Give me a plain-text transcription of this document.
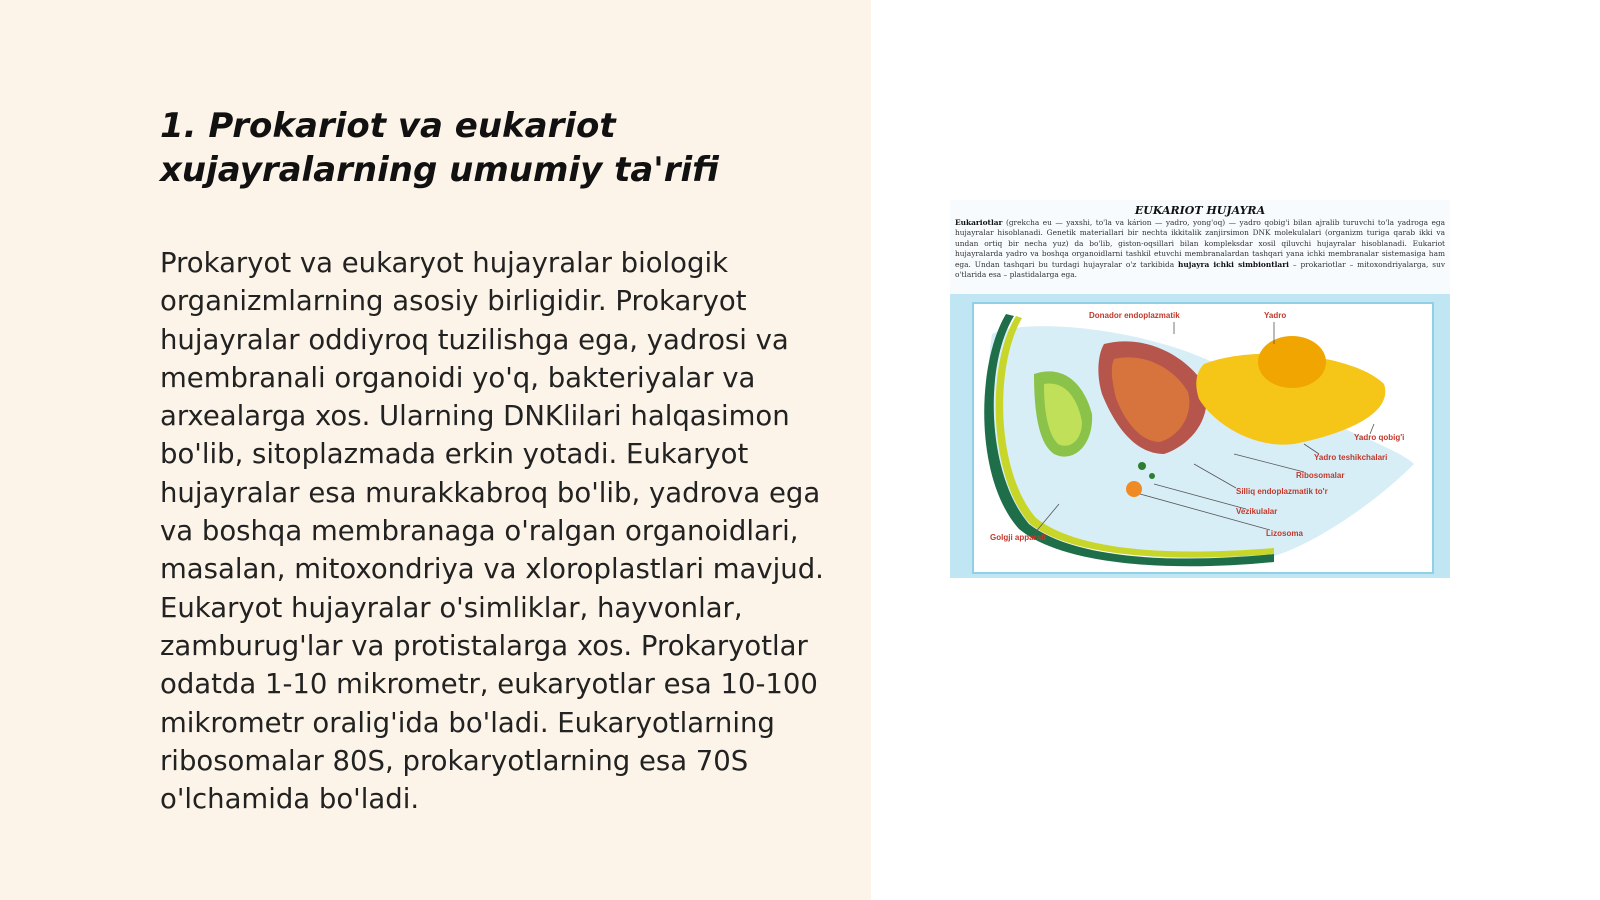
1. Prokariot va eukariot xujayralarning umumiy ta'rifi

Prokaryot va eukaryot hujayralar biologik organizmlarning asosiy birligidir. Prokaryot hujayralar oddiyroq tuzilishga ega, yadrosi va membranali organoidi yo'q, bakteriyalar va arxealarga xos. Ularning DNKlilari halqasimon bo'lib, sitoplazmada erkin yotadi. Eukaryot hujayralar esa murakkabroq bo'lib, yadrova ega va boshqa membranaga o'ralgan organoidlari, masalan, mitoxondriya va xloroplastlari mavjud. Eukaryot hujayralar o'simliklar, hayvonlar, zamburug'lar va protistalarga xos. Prokaryotlar odatda 1-10 mikrometr, eukaryotlar esa 10-100 mikrometr oralig'ida bo'ladi. Eukaryotlarning ribosomalar 80S, prokaryotlarning esa 70S o'lchamida bo'ladi.

EUKARIOT HUJAYRA

Eukariotlar (grekcha eu — yaxshi, to'la va kárion — yadro, yong'oq) — yadro qobig'i bilan ajralib turuvchi to'la yadroga ega hujayralar hisoblanadi. Genetik materiallari bir nechta ikkitalik zanjirsimon DNK molekulalari (organizm turiga qarab ikki va undan ortiq bir necha yuz) da bo'lib, giston-oqsillari bilan kompleksdar xosil qiluvchi hujayralar hisoblanadi. Eukariot hujayralarda yadro va boshqa organoidlarni tashkil etuvchi membranalardan tashqari yana ichki membranalar sistemasiga ham ega. Undan tashqari bu turdagi hujayralar o'z tarkibida hujayra ichki simbiontlari – prokariotlar – mitoxondriyalarga, suv o'tlarida esa – plastidalarga ega.

Donador endoplazmatik	Yadro
Yadro qobig'i
Yadro teshikchalari
Ribosomalar
Silliq endoplazmatik to'r
Vezikulalar
Lizosoma
Golgji apparati
